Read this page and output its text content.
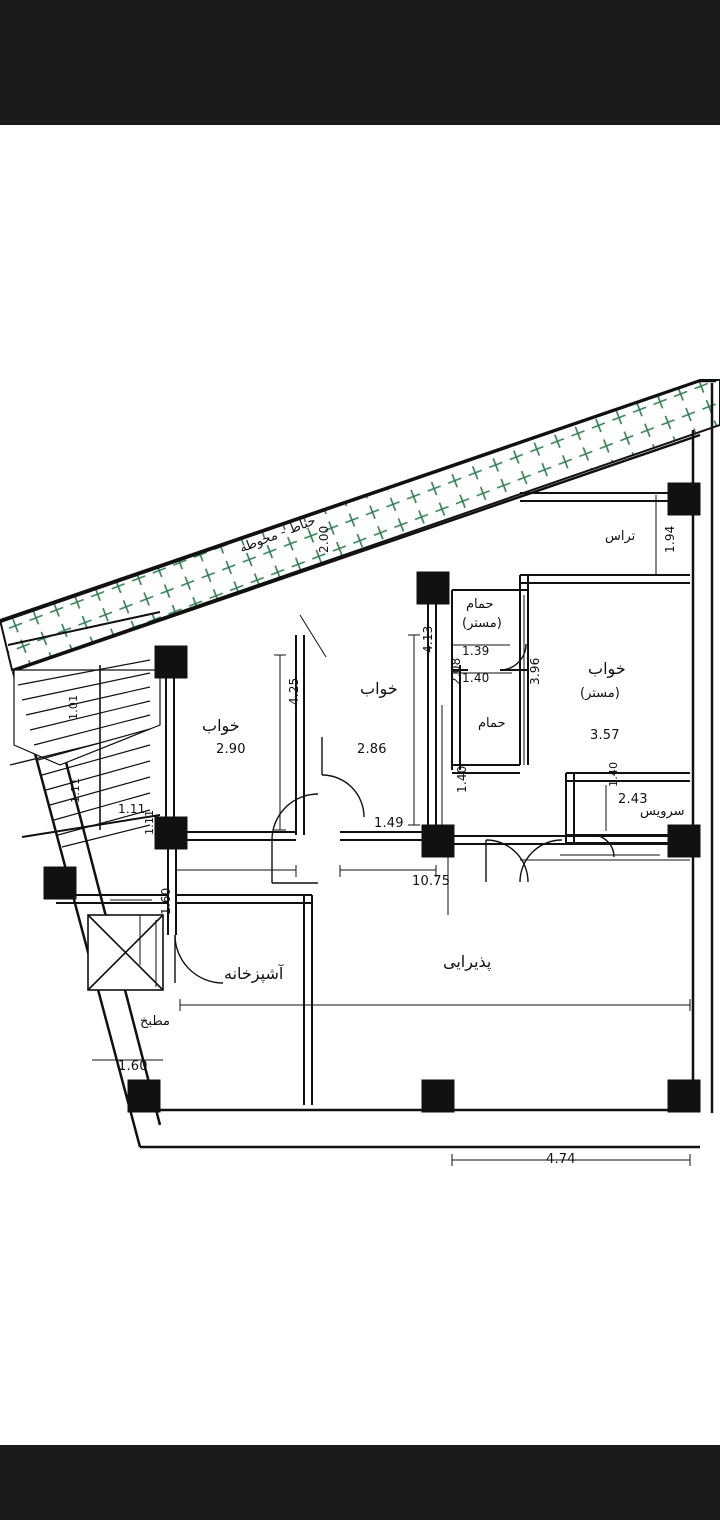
حیاط - محوطه 2.00	تراس 1.94
خواب
(مستر)
3.57
3.96
حمام
(مستر)
1.39
1.40
خواب
2.86
4.13
خواب
2.90
4.25
حمام
2.08
1.40
1.49
سرویس
2.43
1.40
10.75
پذیرایی
4.74
آشپزخانه
مطبخ
1.60
1.60
1.11
1.11
1.11
1.01
